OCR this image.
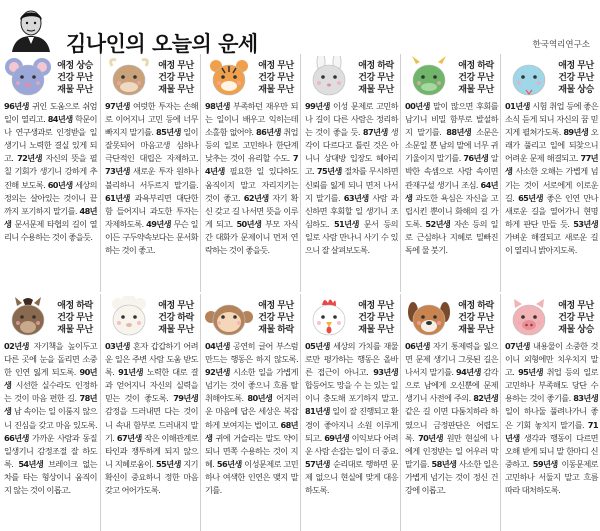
김나인의 오늘의 운세	한국역리연구소
애정 상승
건강 무난
재물 무난
96년생 귀인 도움으로 쉬엄 일이 열리고. 84년생 학문이나 연구생과로 인정받을 일 생기니 노력한 결실 있게 되고. 72년생 자신의 뜻을 펼칠 기회가 생기니 강하게 추진해 보도록. 60년생 세상의 정의는 살아있는 것이니 끝까지 포기하지 말기를. 48년생 문서문제 타협의 길이 열리니 수용하는 것이 좋을듯.
애정 무난
건강 무난
재물 무난
97년생 여럿한 투자는 손해로 이어지니 고민 등에 너무 빠지지 말기를. 85년생 일이 잘못되어 마음고생 심하나 극단적인 대립은 자제하고. 73년생 새로운 투자 원하나 불리하니 서두르지 말기를. 61년생 과욕부리면 대단한 함 들어지니 과도한 투자는 자제하도록. 49년생 무슨 일이든 구두약속보다는 문서화 하는 것이 좋고.
애정 무난
건강 무난
재물 무난
98년생 부족하던 재우만 되는 일이니 배우고 익히는데 소홀함 없어야. 86년생 취업 등의 일로 고민하나 한단계 낮추는 것이 유리할 수도. 74년생 필요한 일 있다하도 움직이지 말고 자리지키는 것이 좋고. 62년생 자기 확신 갖고 길 나서면 뜻을 이루게 되고. 50년생 부모 자식 간 대화가 문제이니 먼저 연락하는 것이 좋을듯.
애정 하락
건강 무난
재물 무난
99년생 이성 문제로 고민하나 길이 다른 사람은 정리하는 것이 좋을 듯. 87년생 생각이 다르다고 틀린 것은 아니니 상대방 입장도 헤아리고. 75년생 절차를 무시하면 신뢰를 잃게 되니 면저 나서지 말기를. 63년생 사람 과신하면 후회할 일 생기니 조심하도. 51년생 문서 등의 일로 사람 만나니 사기 수 있으니 잘 살펴보도록.
애정 하락
건강 무난
재물 무난
00년생 말이 많으면 후회를 남기니 비밀 함부로 발설하지 말기를. 88년생 소문은 소문일 뿐 남의 말에 너무 귀 기울이지 말기를. 76년생 알박한 속셈으로 사람 속이면 관재구설 생기니 조심. 64년생 과도한 욕심은 자신을 고립시킨 뿐이니 화해의 길 가도록. 52년생 자손 등의 일로 근심하나 지혜로 밀빠진 독에 물 붓기.
애정 무난
건강 무난
재물 상승
01년생 시험 취업 등에 좋은 소식 듣게 되니 자신의 꿈 믿지게 펼쳐가도록. 89년생 오래가 풀리고 일에 되찾으니 어려운 문제 해결되고. 77년생 사소한 오해는 가볍게 넘기는 것이 서로에게 이로운 길. 65년생 좋은 인연 만나 새로운 길을 열어가니 현명하게 판단 만들 듯. 53년생 가벼운 해결되고 새로운 길이 열리니 밝아지도록.
애정 하락
건강 무난
재물 무난
02년생 자기책을 높이두고 다른 곳에 눈을 돌리면 소중한 인연 잃게 되도록. 90년생 시선한 실수라도 인정하는 것이 마음 편한 길. 78년생 남 속이는 일 이룸지 않으니 진심을 갖고 마음 있도록. 66년생 가까운 사람과 동질 일생기니 감정조절 잘 하도록. 54년생 브레이크 없는 차를 타는 형상이니 움직이지 않는 것이 이롭고.
애정 무난
건강 하락
재물 무난
03년생 혼자 갑갑하기 어려운 일은 주변 사람 도움 받도록. 91년생 노력한 대로 결과 얻어지니 자신의 실력을 믿는 것이 좋도록. 79년생 감정을 드러내면 다는 것이니 속내 함부로 드러내지 말기. 67년생 작은 이해관계로 타인과 쟁투하게 되지 않으니 지혜로움이. 55년생 지기 확신이 중요하니 정한 마음 갖고 어어가도록.
애정 무난
건강 무난
재물 하락
04년생 공연히 글어 부스럼 만드는 행동은 하지 않도록. 92년생 시소한 일을 가볍게 넘기는 것이 좋으니 흐름 탈취해야도록. 80년생 어지러운 마음에 답은 세상은 복잡하게 보여지는 법이고. 68년생 귀에 거슬리는 말도 약이 되니 면쪽 수용하는 것이 지혜. 56년생 이성문제로 고민하나 여색한 인연은 맺지 말기를.
애정 무난
건강 무난
재물 무난
05년생 세상의 가치를 재물로만 평가하는 행동은 올바른 접근이 아니고. 93년생 합등어도 망을 수 는 있는 일이니 충도해 포기하지 말고. 81년생 일이 잘 진행되고 환경이 좋아지니 소원 이루게 되고. 69년생 이익보다 어려운 사람 손잡는 일이 더 중요. 57년생 순리대로 행하면 문제 없으니 현실에 맞게 대응하도록.
애정 하락
건강 무난
재물 무난
06년생 자기 통제력을 잃으면 문제 생기니 그릇된 길은 나서지 말기를. 94년생 감각으로 남에게 오신뿐에 문제 생기니 사전에 주의. 82년생 같은 길 이면 다툼치하라 하였으니 금정판단은 어렵도록. 70년생 원만 현실에 나에게 인정받는 일 어우러 막 말기를. 58년생 사소한 일은 가볍게 넘기는 것이 정신 건강에 이롭고.
애정 무난
건강 무난
재물 상승
07년생 내용물이 소중한 것이니 외형에만 치우치지 말고. 95년생 취업 등의 일로 고민하나 부족해도 당단 수용하는 것이 좋기를. 83년생 일이 하나둘 풀려나가니 좋은 기회 놓치지 말기를. 71년생 생각과 행동이 다르면 오해 받게 되니 말 한마디 신중하고. 59년생 이동문제로 고민하나 서둘지 말고 흐름 따라 대처하도록.
